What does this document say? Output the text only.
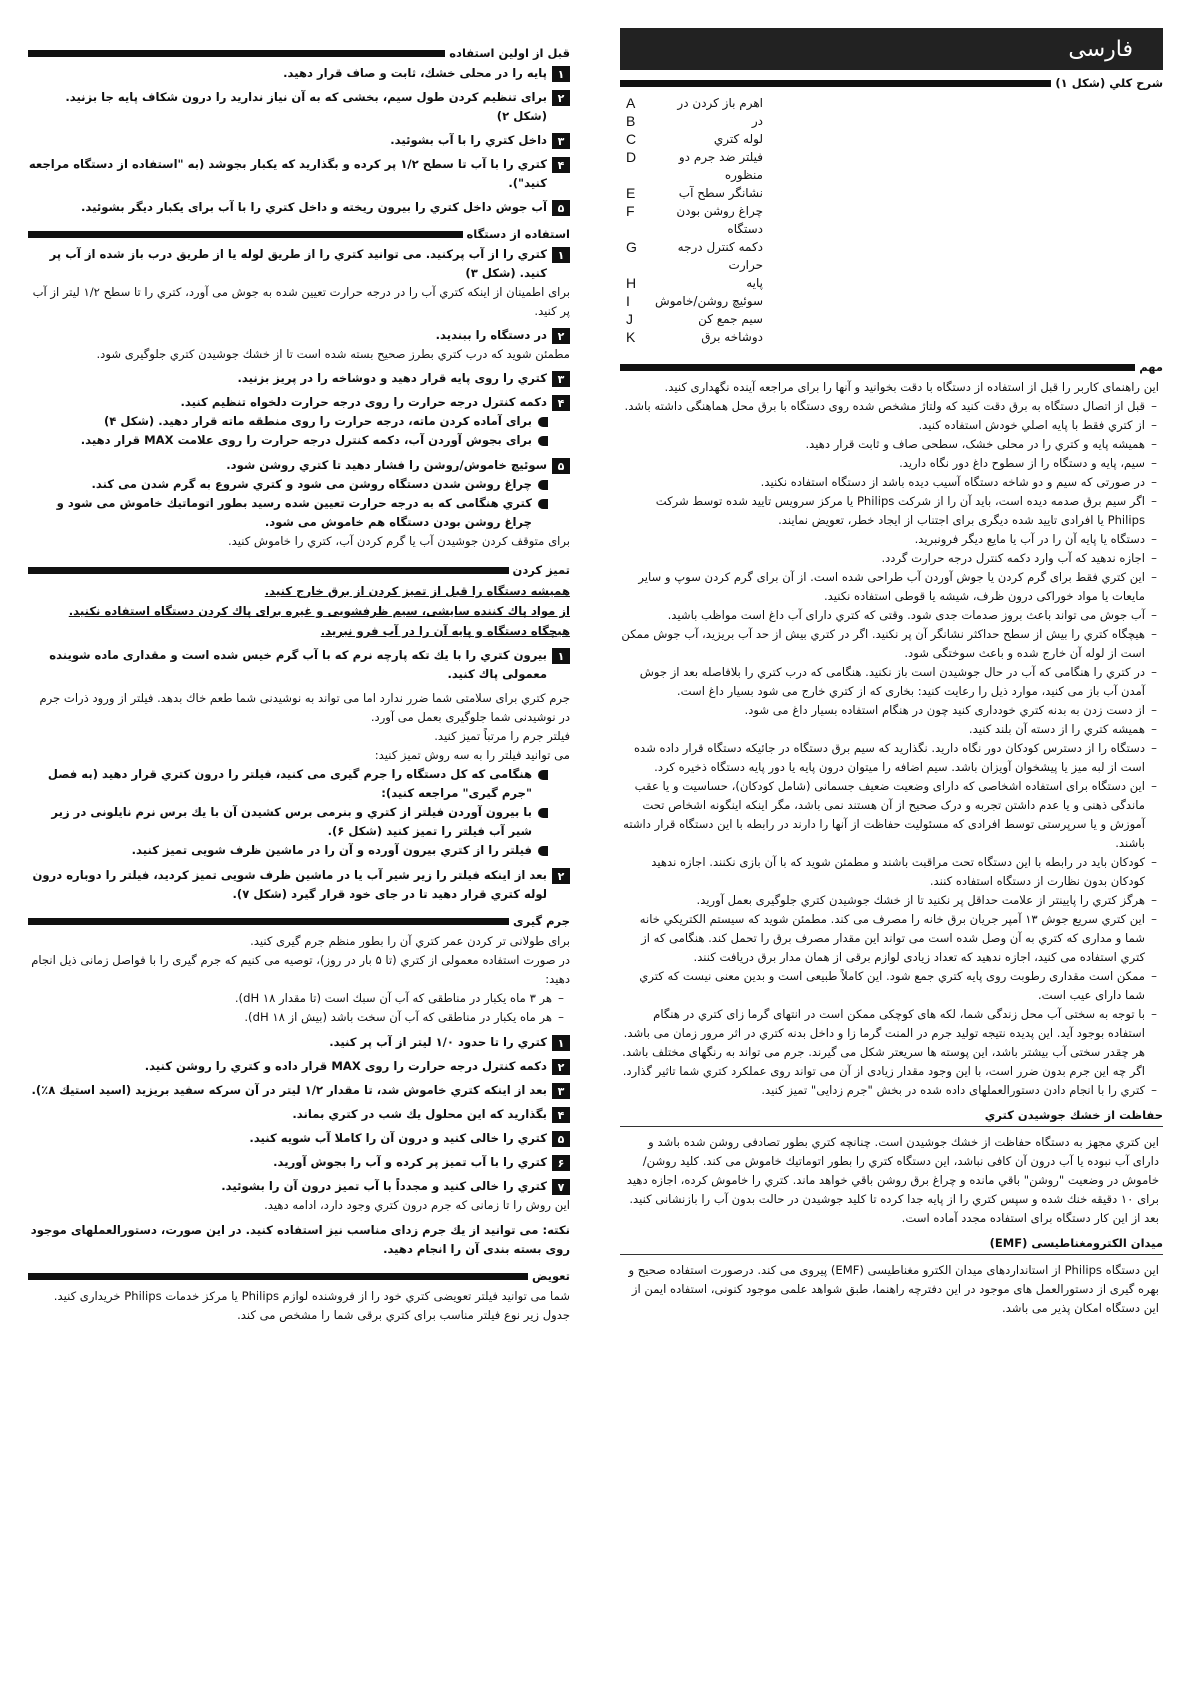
فارسی
شرح کلي (شکل ۱)
A	اهرم باز کردن در
B	در
C	لوله کتري
D	فیلتر ضد جرم دو منظوره
E	نشانگر سطح آب
F	چراغ روشن بودن دستگاه
G	دکمه کنترل درجه حرارت
H	پایه
I	سوئیچ روشن/خاموش
J	سیم جمع کن
K	دوشاخه برق
مهم
این راهنمای کاربر را قبل از استفاده از دستگاه با دقت بخوانید و آنها را برای مراجعه آینده نگهداری کنید.
–
قبل از اتصال دستگاه به برق دقت کنید که ولتاژ مشخص شده روی دستگاه با برق محل هماهنگی داشته باشد.
–
از کتري فقط با پایه اصلي خودش استفاده کنید.
–
همیشه پایه و کتري را در محلی خشک، سطحی صاف و ثابت قرار دهید.
–
سیم، پایه و دستگاه را از سطوح داغ دور نگاه دارید.
–
در صورتی که سیم و دو شاخه دستگاه آسیب دیده باشد از دستگاه استفاده نکنید.
–
اگر سیم برق صدمه دیده است، باید آن را از شرکت Philips یا مرکز سرویس تایید شده توسط شرکت Philips یا افرادی تایید شده دیگری برای اجتناب از ایجاد خطر، تعویض نمایند.
–
دستگاه یا پایه آن را در آب یا مایع دیگر فرونبرید.
–
اجازه ندهید که آب وارد دکمه کنترل درجه حرارت گردد.
–
این کتري فقط برای گرم کردن یا جوش آوردن آب طراحی شده است. از آن برای گرم کردن سوپ و سایر مایعات یا مواد خوراکی درون ظرف، شیشه یا قوطی استفاده نکنید.
–
آب جوش می تواند باعث بروز صدمات جدی شود. وقتی که کتري دارای آب داغ است مواظب باشید.
–
هیچگاه کتري را بیش از سطح حداکثر نشانگر آن پر نکنید. اگر در کتري بیش از حد آب بریزید، آب جوش ممکن است از لوله آن خارج شده و باعث سوختگی شود.
–
در کتري را هنگامی که آب در حال جوشیدن است باز نکنید. هنگامی که درب کتري را بلافاصله بعد از جوش آمدن آب باز می کنید، موارد ذیل را رعایت کنید: بخاری که از کتري خارج می شود بسیار داغ است.
–
از دست زدن به بدنه کتري خودداری کنید چون در هنگام استفاده بسیار داغ می شود.
–
همیشه کتري را از دسته آن بلند کنید.
–
دستگاه را از دسترس کودکان دور نگاه دارید. نگذارید که سیم برق دستگاه در جائیکه دستگاه قرار داده شده است از لبه میز یا پیشخوان آویزان باشد. سیم اضافه را میتوان درون پایه یا دور پایه دستگاه ذخیره کرد.
–
این دستگاه برای استفاده اشخاصی که دارای وضعیت ضعیف جسمانی (شامل کودکان)، حساسیت و یا عقب ماندگی ذهنی و یا عدم داشتن تجربه و درک صحیح از آن هستند نمی باشد، مگر اینکه اینگونه اشخاص تحت آموزش و یا سرپرستی توسط افرادی که مسئولیت حفاظت از آنها را دارند در رابطه با این دستگاه قرار داشته باشند.
–
کودکان باید در رابطه با این دستگاه تحت مراقبت باشند و مطمئن شوید که با آن بازی نکنند. اجازه ندهید کودکان بدون نظارت از دستگاه استفاده کنند.
–
هرگز کتري را پایینتر از علامت حداقل پر نکنید تا از خشك جوشیدن کتري جلوگیری بعمل آورید.
–
این کتري سریع جوش ۱۳ آمپر جریان برق خانه را مصرف می کند. مطمئن شوید که سیستم الکتریکي خانه شما و مداری که کتري به آن وصل شده است می تواند این مقدار مصرف برق را تحمل کند. هنگامی که از کتري استفاده می کنید، اجازه ندهید که تعداد زیادی لوازم برقی از همان مدار برق دریافت کنند.
–
ممکن است مقداری رطوبت روی پایه کتري جمع شود. این کاملاً طبیعی است و بدین معنی نیست که کتري شما دارای عیب است.
–
با توجه به سختی آب محل زندگی شما، لکه های کوچکی ممکن است در انتهای گرما زای کتري در هنگام استفاده بوجود آید. این پدیده نتیجه تولید جرم در المنت گرما زا و داخل بدنه کتري در اثر مرور زمان می باشد. هر چقدر سختی آب بیشتر باشد، این پوسته ها سریعتر شکل می گیرند. جرم می تواند به رنگهای مختلف باشد. اگر چه این جرم بدون ضرر است، با این وجود مقدار زیادی از آن می تواند روی عملکرد کتري شما تاثیر گذارد.
–
کتري را با انجام دادن دستورالعملهای داده شده در بخش "جرم زدایی" تمیز کنید.
حفاظت از خشك جوشیدن کتري
این کتري مجهز به دستگاه حفاظت از خشك جوشیدن است. چنانچه کتري بطور تصادفی روشن شده باشد و دارای آب نبوده یا آب درون آن کافی نباشد، این دستگاه کتري را بطور اتوماتیك خاموش می کند. کلید روشن/خاموش در وضعیت "روشن" باقي مانده و چراغ برق روشن باقي خواهد ماند. کتري را خاموش کرده، اجازه دهید برای ۱۰ دقیقه خنك شده و سپس کتري را از پایه جدا کرده تا کلید جوشیدن در حالت بدون آب را بازنشانی کنید.
بعد از این کار دستگاه برای استفاده مجدد آماده است.
میدان الکترومغناطیسی (EMF)
این دستگاه Philips از استانداردهای میدان الکترو مغناطیسی (EMF) پیروی می کند. درصورت استفاده صحیح و بهره گیری از دستورالعمل های موجود در این دفترچه راهنما، طبق شواهد علمی موجود کنونی، استفاده ایمن از این دستگاه امکان پذیر می باشد.
قبل از اولین استفاده
۱
پایه را در محلی خشك، ثابت و صاف قرار دهید.
۲
برای تنظیم کردن طول سیم، بخشی که به آن نیاز ندارید را درون شکاف پایه جا بزنید. (شکل ۲)
۳
داخل کتري را با آب بشوئید.
۴
کتري را با آب تا سطح ۱/۲ پر کرده و بگذارید که یکبار بجوشد (به "استفاده از دستگاه مراجعه کنید").
۵
آب جوش داخل کتري را بیرون ریخته و داخل کتري را با آب برای یکبار دیگر بشوئید.
استفاده از دستگاه
۱
کتري را از آب پرکنید. می توانید کتري را از طریق لوله یا از طریق درب باز شده از آب پر کنید. (شکل ۳)
برای اطمینان از اینکه کتري آب را در درجه حرارت تعیین شده به جوش می آورد، کتري را تا سطح ۱/۲ لیتر از آب پر کنید.
۲
در دستگاه را ببندید.
مطمئن شوید که درب کتري بطرز صحیح بسته شده است تا از خشك جوشیدن کتري جلوگیری شود.
۳
کتري را روی پایه قرار دهید و دوشاخه را در پریز بزنید.
۴
دکمه کنترل درجه حرارت را روی درجه حرارت دلخواه تنظیم کنید.
برای آماده کردن ماته، درجه حرارت را روی منطقه ماته قرار دهید. (شکل ۴)
برای بجوش آوردن آب، دکمه کنترل درجه حرارت را روی علامت MAX قرار دهید.
۵
سوئیچ خاموش/روشن را فشار دهید تا کتري روشن شود.
چراغ روشن شدن دستگاه روشن می شود و کتري شروع به گرم شدن می کند.
کتري هنگامی که به درجه حرارت تعیین شده رسید بطور اتوماتیك خاموش می شود و چراغ روشن بودن دستگاه هم خاموش می شود.
برای متوقف کردن جوشیدن آب یا گرم کردن آب، کتري را خاموش کنید.
تمیز کردن
همیشه دستگاه را قبل از تمیز کردن از برق خارج کنید.
از مواد پاك کننده سایشی، سیم ظرفشویی و غیره برای پاك کردن دستگاه استفاده نکنید.
هیچگاه دستگاه و پایه آن را در آب فرو نبرید.
۱
بیرون کتري را با یك تکه پارچه نرم که با آب گرم خیس شده است و مقداری ماده شوینده معمولی پاك کنید.
جرم کتري برای سلامتی شما ضرر ندارد اما می تواند به نوشیدنی شما طعم خاك بدهد. فیلتر از ورود ذرات جرم در نوشیدنی شما جلوگیری بعمل می آورد.
فیلتر جرم را مرتباً تمیز کنید.
می توانید فیلتر را به سه روش تمیز کنید:
هنگامی که کل دستگاه را جرم گیری می کنید، فیلتر را درون کتري قرار دهید (به فصل "جرم گیری" مراجعه کنید):
با بیرون آوردن فیلتر از کتري و بنرمی برس کشیدن آن با یك برس نرم نایلونی در زیر شیر آب فیلتر را تمیز کنید (شکل ۶).
فیلتر را از کتري بیرون آورده و آن را در ماشین ظرف شویی تمیز کنید.
۲
بعد از اینکه فیلتر را زیر شیر آب یا در ماشین ظرف شویی تمیز کردید، فیلتر را دوباره درون لوله کتري قرار دهید تا در جای خود قرار گیرد (شکل ۷).
جرم گیری
برای طولانی تر کردن عمر کتري آن را بطور منظم جرم گیری کنید.
در صورت استفاده معمولی از کتري (تا ۵ بار در روز)، توصیه می کنیم که جرم گیری را با فواصل زمانی ذیل انجام دهید:
–
هر ۳ ماه یکبار در مناطقی که آب آن سبك است (تا مقدار ۱۸ dH).
–
هر ماه یکبار در مناطقی که آب آن سخت باشد (بیش از ۱۸ dH).
۱
کتري را تا حدود ۱/۰ لیتر از آب پر کنید.
۲
دکمه کنترل درجه حرارت را روی MAX قرار داده و کتري را روشن کنید.
۳
بعد از اینکه کتري خاموش شد، تا مقدار ۱/۲ لیتر در آن سرکه سفید بریزید (اسید استیك ۸٪).
۴
بگذارید که این محلول یك شب در کتري بماند.
۵
کتري را خالی کنید و درون آن را کاملا آب شویه کنید.
۶
کتري را با آب تمیز پر کرده و آب را بجوش آورید.
۷
کتري را خالی کنید و مجدداً با آب تمیز درون آن را بشوئید.
این روش را تا زمانی که جرم درون کتري وجود دارد، ادامه دهید.
نکته: می توانید از یك جرم زدای مناسب نیز استفاده کنید. در این صورت، دستورالعملهای موجود روی بسته بندی آن را انجام دهید.
تعویض
شما می توانید فیلتر تعویضی کتري خود را از فروشنده لوازم Philips یا مرکز خدمات Philips خریداری کنید. جدول زیر نوع فیلتر مناسب برای کتري برقی شما را مشخص می کند.
